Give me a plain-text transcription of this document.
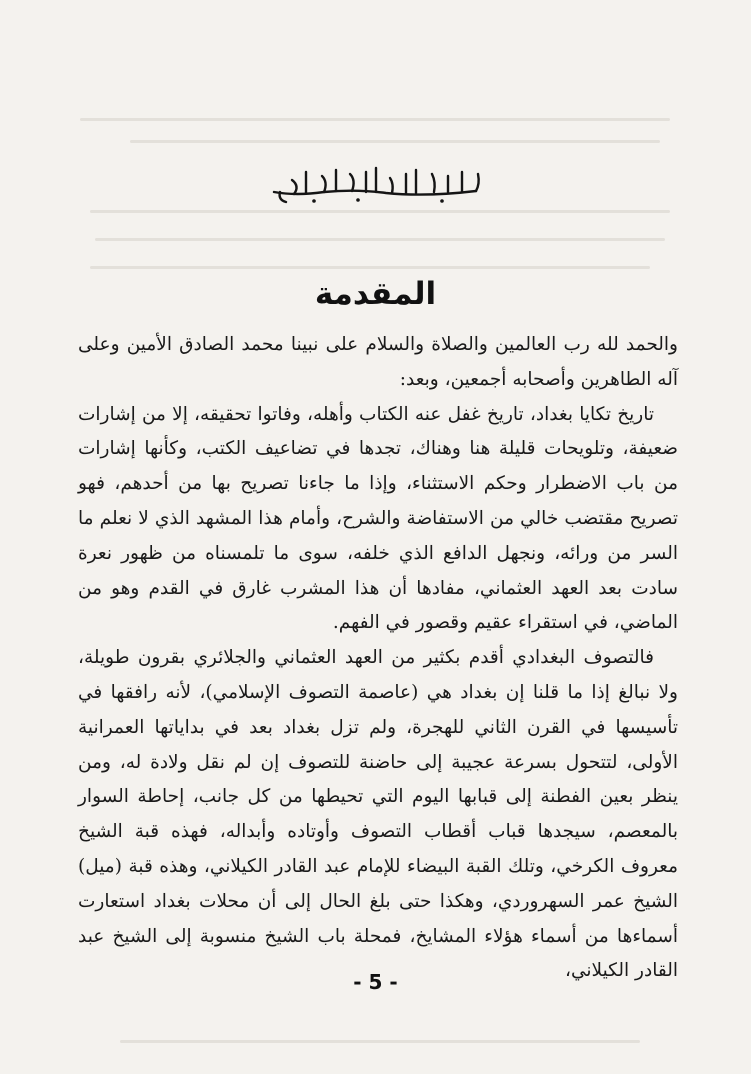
المقدمة

والحمد لله رب العالمين والصلاة والسلام على نبينا محمد الصادق الأمين وعلى آله الطاهرين وأصحابه أجمعين، وبعد:

تاريخ تكايا بغداد، تاريخ غفل عنه الكتاب وأهله، وفاتوا تحقيقه، إلا من إشارات ضعيفة، وتلويحات قليلة هنا وهناك، تجدها في تضاعيف الكتب، وكأنها إشارات من باب الاضطرار وحكم الاستثناء، وإذا ما جاءنا تصريح بها من أحدهم، فهو تصريح مقتضب خالي من الاستفاضة والشرح، وأمام هذا المشهد الذي لا نعلم ما السر من ورائه، ونجهل الدافع الذي خلفه، سوى ما تلمسناه من ظهور نعرة سادت بعد العهد العثماني، مفادها أن هذا المشرب غارق في القدم وهو من الماضي، في استقراء عقيم وقصور في الفهم.

فالتصوف البغدادي أقدم بكثير من العهد العثماني والجلائري بقرون طويلة، ولا نبالغ إذا ما قلنا إن بغداد هي (عاصمة التصوف الإسلامي)، لأنه رافقها في تأسيسها في القرن الثاني للهجرة، ولم تزل بغداد بعد في بداياتها العمرانية الأولى، لتتحول بسرعة عجيبة إلى حاضنة للتصوف إن لم نقل ولادة له، ومن ينظر بعين الفطنة إلى قبابها اليوم التي تحيطها من كل جانب، إحاطة السوار بالمعصم، سيجدها قباب أقطاب التصوف وأوتاده وأبداله، فهذه قبة الشيخ معروف الكرخي، وتلك القبة البيضاء للإمام عبد القادر الكيلاني، وهذه قبة (ميل) الشيخ عمر السهروردي، وهكذا حتى بلغ الحال إلى أن محلات بغداد استعارت أسماءها من أسماء هؤلاء المشايخ، فمحلة باب الشيخ منسوبة إلى الشيخ عبد القادر الكيلاني،

- 5 -
